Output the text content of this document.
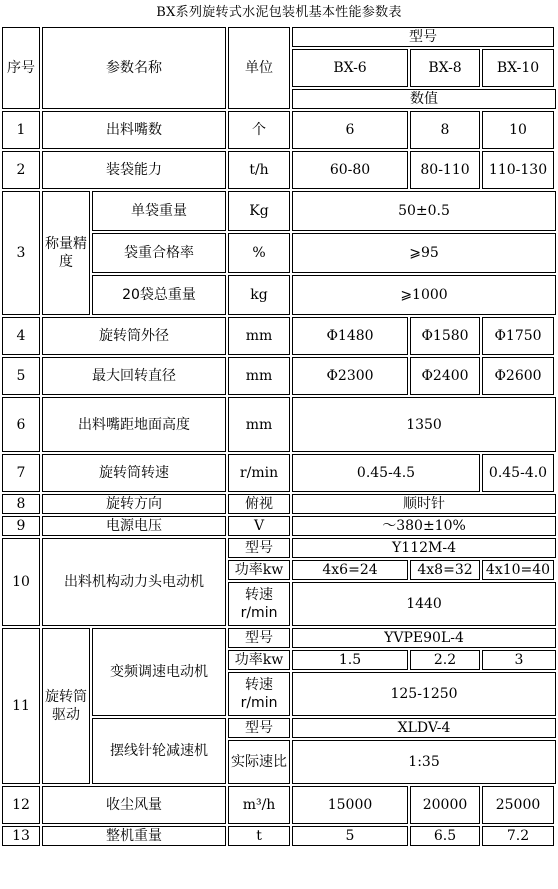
BX系列旋转式水泥包装机基本性能参数表
序号	参数名称		单位	型号			
				BX-6	BX-8	BX-10	
				数值			
1	出料嘴数		个	6	8	10	
2	装袋能力		t/h	60-80	80-110	110-130	
3	称量精度	单袋重量	Kg	50±0.5			
		袋重合格率	%	⩾95			
		20袋总重量	kg	⩾1000			
4	旋转筒外径		mm	Φ1480	Φ1580	Φ1750	
5	最大回转直径		mm	Φ2300	Φ2400	Φ2600	
6	出料嘴距地面高度		mm	1350			
7	旋转筒转速		r/min	0.45-4.5		0.45-4.0	
8	旋转方向		俯视	顺时针			
9	电源电压		V	～380±10%			
10	出料机构动力头电动机		型号	Y112M-4			
			功率kw	4x6=24	4x8=32	4x10=40	
			转速r/min	1440			
11	旋转筒驱动	变频调速电动机	型号	YVPE90L-4			
			功率kw	1.5	2.2	3	
			转速r/min	125-1250			
		摆线针轮减速机	型号	XLDV-4			
			实际速比	1:35			
12	收尘风量		m³/h	15000	20000	25000	
13	整机重量		t	5	6.5	7.2	
